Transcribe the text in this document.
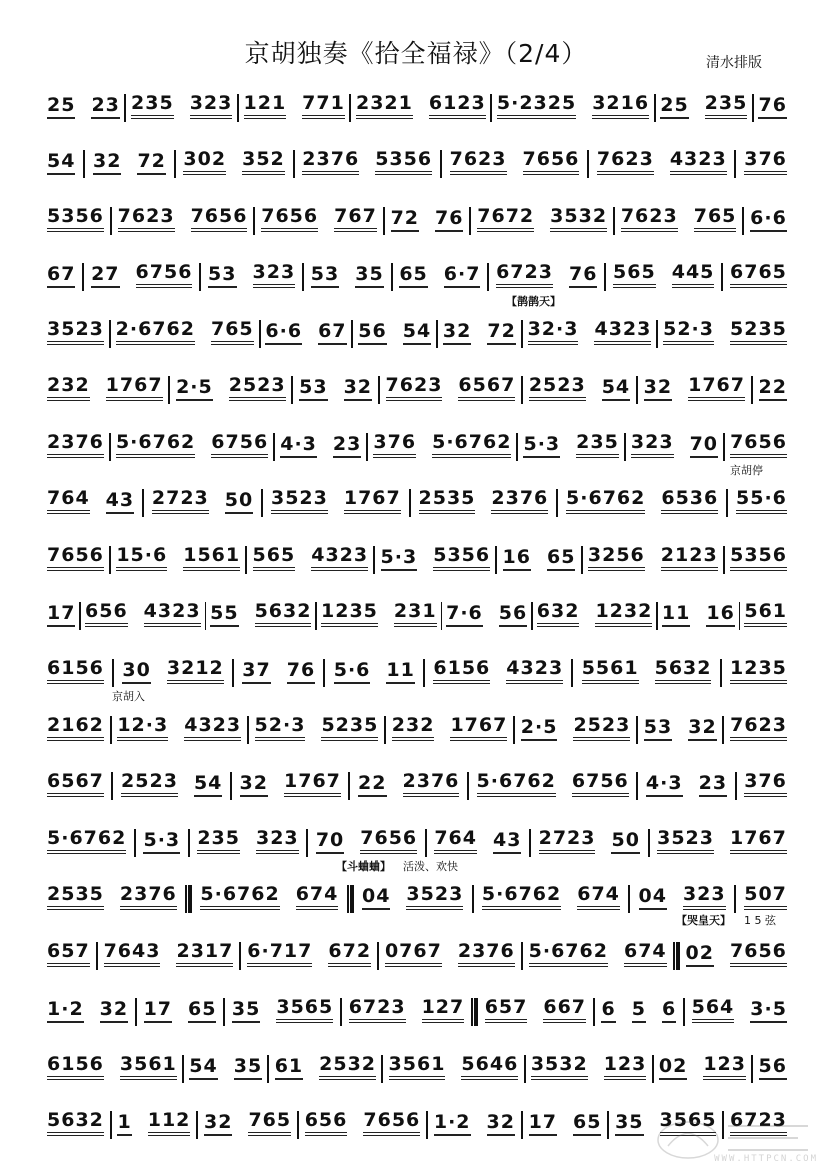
京胡独奏《拾全福禄》（2/4）	清水排版
【鹊鹊天】
京胡停
京胡入
【斗蛐蛐】 活泼、欢快
【哭皇天】 1 5 弦
25 23 235 323 121 771 2321 6123 5·2325 3216 25 235 76
54 32 72 302 352 2376 5356 7623 7656 7623 4323 376
5356 7623 7656 7656 767 72 76 7672 3532 7623 765 6·6
67 27 6756 53 323 53 35 65 6·7 6723 76 565 445 6765
3523 2·6762 765 6·6 67 56 54 32 72 32·3 4323 52·3 5235
232 1767 2·5 2523 53 32 7623 6567 2523 54 32 1767 22
2376 5·6762 6756 4·3 23 376 5·6762 5·3 235 323 70 7656
764 43 2723 50 3523 1767 2535 2376 5·6762 6536 55·6
7656 15·6 1561 565 4323 5·3 5356 16 65 3256 2123 5356
17 656 4323 55 5632 1235 231 7·6 56 632 1232 11 16 561
6156 30 3212 37 76 5·6 11 6156 4323 5561 5632 1235
2162 12·3 4323 52·3 5235 232 1767 2·5 2523 53 32 7623
6567 2523 54 32 1767 22 2376 5·6762 6756 4·3 23 376
5·6762 5·3 235 323 70 7656 764 43 2723 50 3523 1767
2535 2376 5·6762 674 04 3523 5·6762 674 04 323 507
657 7643 2317 6·717 672 0767 2376 5·6762 674 02 7656
1·2 32 17 65 35 3565 6723 127 657 667 6 5 6 564 3·5
6156 3561 54 35 61 2532 3561 5646 3532 123 02 123 56
5632 1 112 32 765 656 7656 1·2 32 17 65 35 3565 6723
WWW.HTTPCN.COM
